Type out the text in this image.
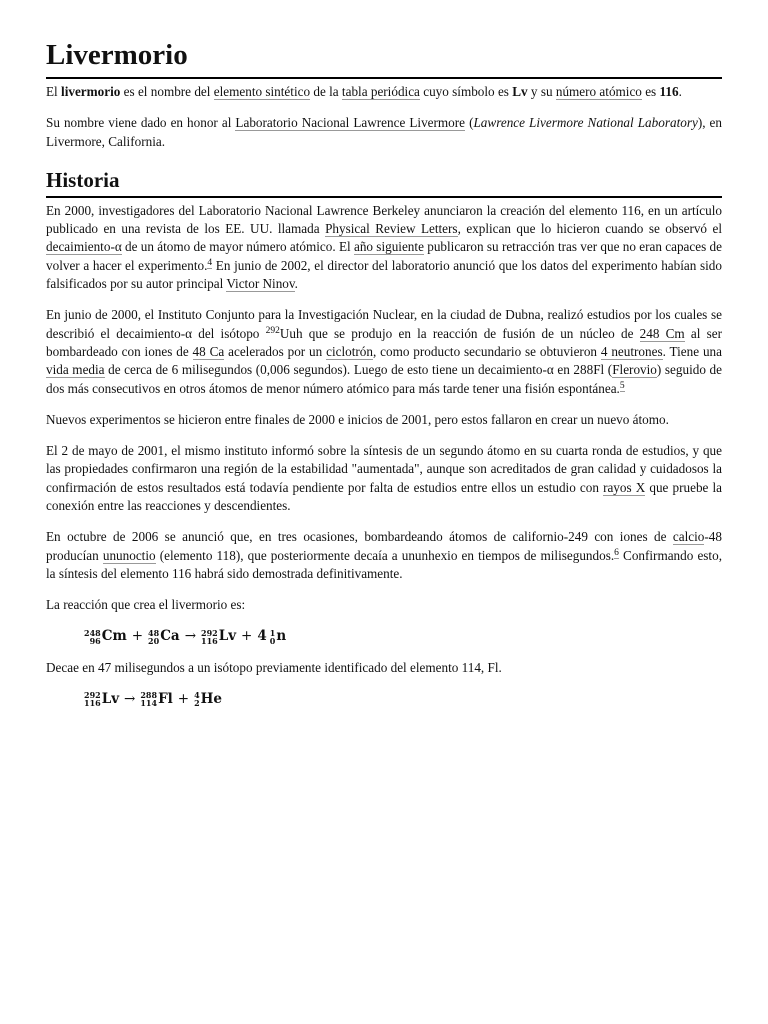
Livermorio

El livermorio es el nombre del elemento sintético de la tabla periódica cuyo símbolo es Lv y su número atómico es 116.

Su nombre viene dado en honor al Laboratorio Nacional Lawrence Livermore (Lawrence Livermore National Laboratory), en Livermore, California.

Historia

En 2000, investigadores del Laboratorio Nacional Lawrence Berkeley anunciaron la creación del elemento 116, en un artículo publicado en una revista de los EE. UU. llamada Physical Review Letters, explican que lo hicieron cuando se observó el decaimiento-α de un átomo de mayor número atómico. El año siguiente publicaron su retracción tras ver que no eran capaces de volver a hacer el experimento.$^4$ En junio de 2002, el director del laboratorio anunció que los datos del experimento habían sido falsificados por su autor principal Victor Ninov.

En junio de 2000, el Instituto Conjunto para la Investigación Nuclear, en la ciudad de Dubna, realizó estudios por los cuales se describió el decaimiento-α del isótopo $^{292}$Uuh que se produjo en la reacción de fusión de un núcleo de 248 Cm al ser bombardeado con iones de 48 Ca acelerados por un ciclotrón, como producto secundario se obtuvieron 4 neutrones. Tiene una vida media de cerca de 6 milisegundos (0,006 segundos). Luego de esto tiene un decaimiento-α en 288Fl (Flerovio) seguido de dos más consecutivos en otros átomos de menor número atómico para más tarde tener una fisión espontánea.$^5$

Nuevos experimentos se hicieron entre finales de 2000 e inicios de 2001, pero estos fallaron en crear un nuevo átomo.

El 2 de mayo de 2001, el mismo instituto informó sobre la síntesis de un segundo átomo en su cuarta ronda de estudios, y que las propiedades confirmaron una región de la estabilidad "aumentada", aunque son acreditados de gran calidad y cuidadosos la confirmación de estos resultados está todavía pendiente por falta de estudios entre ellos un estudio con rayos X que pruebe la conexión entre las reacciones y descendientes.

En octubre de 2006 se anunció que, en tres ocasiones, bombardeando átomos de californio-249 con iones de calcio-48 producían ununoctio (elemento 118), que posteriormente decaía a ununhexio en tiempos de milisegundos.$^6$ Confirmando esto, la síntesis del elemento 116 habrá sido demostrada definitivamente.

La reacción que crea el livermorio es:

248
96 Cm + 48
20 Ca → 292
116 Lv + 4 1
0 n

Decae en 47 milisegundos a un isótopo previamente identificado del elemento 114, Fl.

292
116 Lv → 288
114 Fl + 4
2 He
